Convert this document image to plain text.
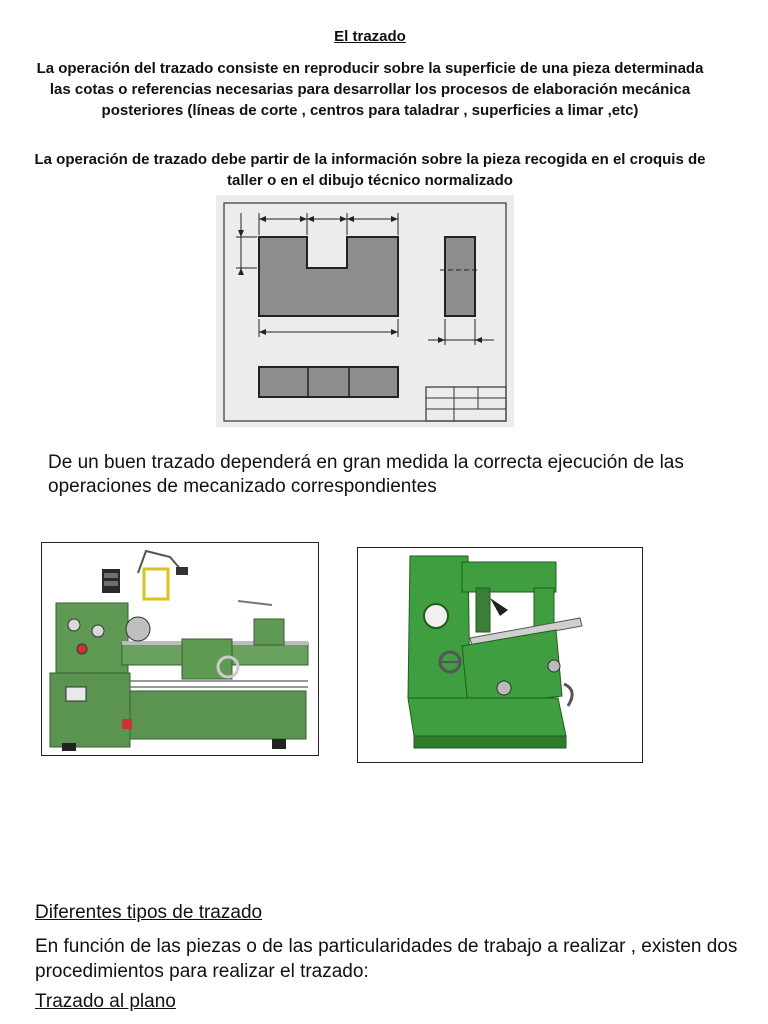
El trazado
La operación del trazado consiste en reproducir sobre la superficie de una pieza determinada las cotas o referencias necesarias para desarrollar los procesos de elaboración mecánica posteriores (líneas de corte , centros para taladrar , superficies a limar ,etc)
La operación de trazado debe partir de la información sobre la pieza recogida en el croquis de taller o en el dibujo técnico normalizado
De un buen trazado dependerá en gran medida la correcta ejecución de las operaciones de mecanizado correspondientes
Diferentes tipos de trazado
En función de las piezas o de las particularidades de trabajo a realizar , existen dos procedimientos para realizar el trazado:
Trazado al plano
